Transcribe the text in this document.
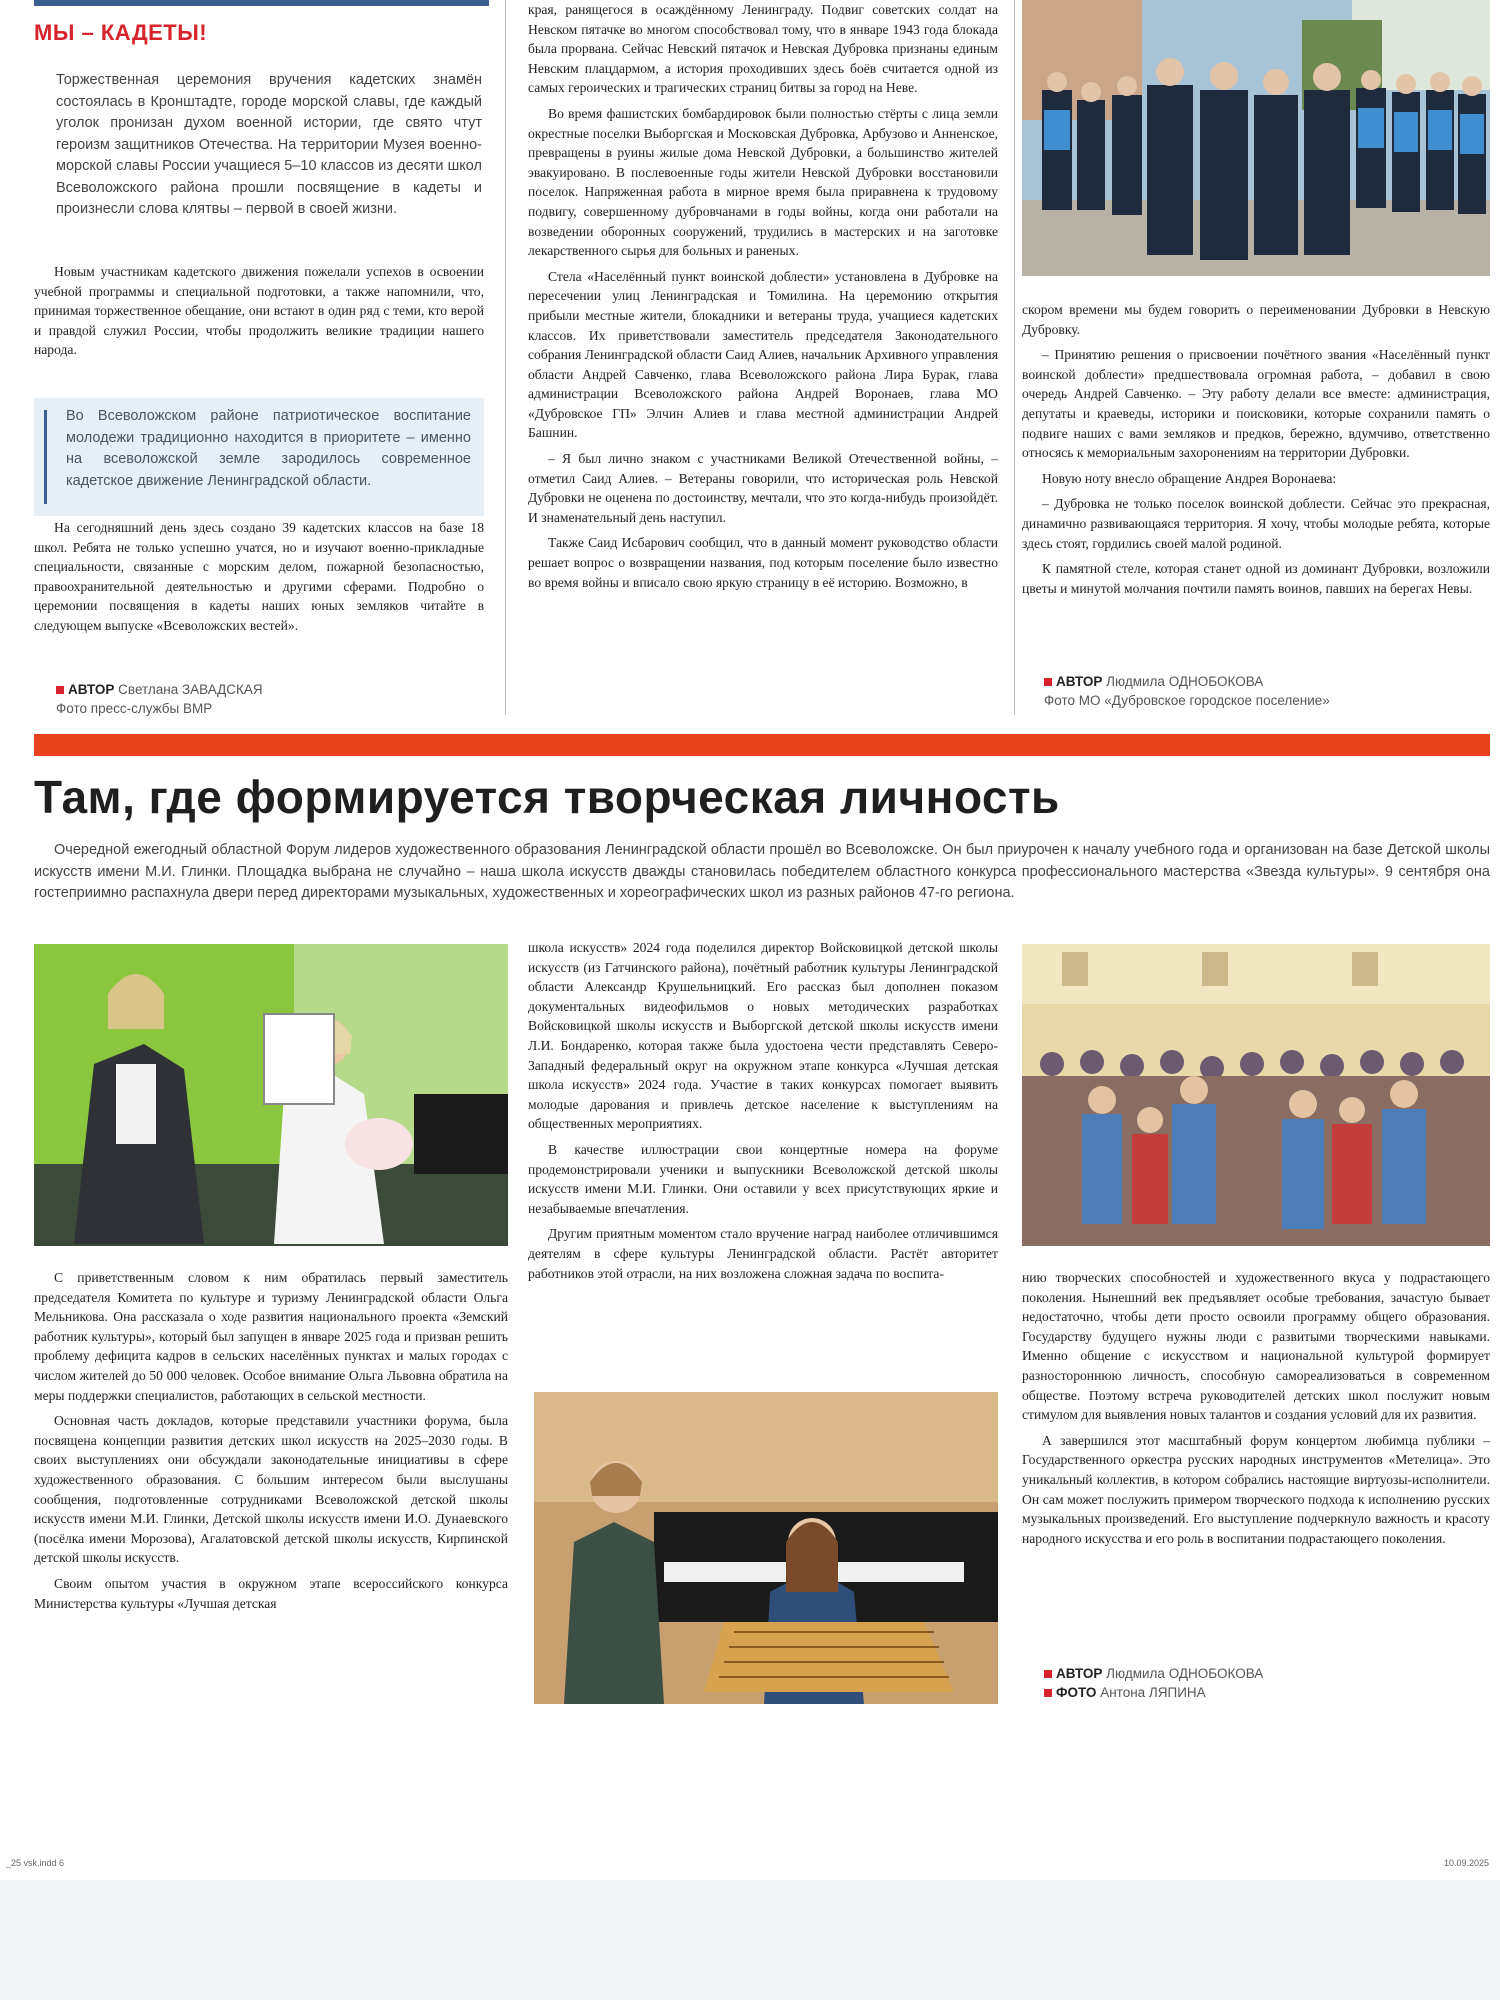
МЫ – КАДЕТЫ!
Торжественная церемония вручения кадетских знамён состоялась в Кронштадте, городе морской славы, где каждый уголок пронизан духом военной истории, где свято чтут героизм защитников Отечества. На территории Музея военно-морской славы России учащиеся 5–10 классов из десяти школ Всеволожского района прошли посвящение в кадеты и произнесли слова клятвы – первой в своей жизни.

Новым участникам кадетского движения пожелали успехов в освоении учебной программы и специальной подготовки, а также напомнили, что, принимая торжественное обещание, они встают в один ряд с теми, кто верой и правдой служил России, чтобы продолжить великие традиции нашего народа.

Во Всеволожском районе патриотическое воспитание молодежи традиционно находится в приоритете – именно на всеволожской земле зародилось современное кадетское движение Ленинградской области.

На сегодняшний день здесь создано 39 кадетских классов на базе 18 школ. Ребята не только успешно учатся, но и изучают военно-прикладные специальности, связанные с морским делом, пожарной безопасностью, правоохранительной деятельностью и другими сферами. Подробно о церемонии посвящения в кадеты наших юных земляков читайте в следующем выпуске «Всеволожских вестей».

АВТОР Светлана ЗАВАДСКАЯ
Фото пресс-службы ВМР

края, ранящегося в осаждённому Ленинграду. Подвиг советских солдат на Невском пятачке во многом способствовал тому, что в январе 1943 года блокада была прорвана. Сейчас Невский пятачок и Невская Дубровка признаны единым Невским плацдармом, а история проходивших здесь боёв считается одной из самых героических и трагических страниц битвы за город на Неве.

Во время фашистских бомбардировок были полностью стёрты с лица земли окрестные поселки Выборгская и Московская Дубровка, Арбузово и Анненское, превращены в руины жилые дома Невской Дубровки, а большинство жителей эвакуировано. В послевоенные годы жители Невской Дубровки восстановили поселок. Напряженная работа в мирное время была приравнена к трудовому подвигу, совершенному дубровчанами в годы войны, когда они работали на возведении оборонных сооружений, трудились в мастерских и на заготовке лекарственного сырья для больных и раненых.

Стела «Населённый пункт воинской доблести» установлена в Дубровке на пересечении улиц Ленинградская и Томилина. На церемонию открытия прибыли местные жители, блокадники и ветераны труда, учащиеся кадетских классов. Их приветствовали заместитель председателя Законодательного собрания Ленинградской области Саид Алиев, начальник Архивного управления области Андрей Савченко, глава Всеволожского района Лира Бурак, глава администрации Всеволожского района Андрей Воронаев, глава МО «Дубровское ГП» Элчин Алиев и глава местной администрации Андрей Башнин.

– Я был лично знаком с участниками Великой Отечественной войны, – отметил Саид Алиев. – Ветераны говорили, что историческая роль Невской Дубровки не оценена по достоинству, мечтали, что это когда-нибудь произойдёт. И знаменательный день наступил.

Также Саид Исбарович сообщил, что в данный момент руководство области решает вопрос о возвращении названия, под которым поселение было известно во время войны и вписало свою яркую страницу в её историю. Возможно, в

скором времени мы будем говорить о переименовании Дубровки в Невскую Дубровку.

– Принятию решения о присвоении почётного звания «Населённый пункт воинской доблести» предшествовала огромная работа, – добавил в свою очередь Андрей Савченко. – Эту работу делали все вместе: администрация, депутаты и краеведы, историки и поисковики, которые сохранили память о подвиге наших с вами земляков и предков, бережно, вдумчиво, ответственно относясь к мемориальным захоронениям на территории Дубровки.

Новую ноту внесло обращение Андрея Воронаева:

– Дубровка не только поселок воинской доблести. Сейчас это прекрасная, динамично развивающаяся территория. Я хочу, чтобы молодые ребята, которые здесь стоят, гордились своей малой родиной.

К памятной стеле, которая станет одной из доминант Дубровки, возложили цветы и минутой молчания почтили память воинов, павших на берегах Невы.

АВТОР Людмила ОДНОБОКОВА
Фото МО «Дубровское городское поселение»
Там, где формируется творческая личность
Очередной ежегодный областной Форум лидеров художественного образования Ленинградской области прошёл во Всеволожске. Он был приурочен к началу учебного года и организован на базе Детской школы искусств имени М.И. Глинки. Площадка выбрана не случайно – наша школа искусств дважды становилась победителем областного конкурса профессионального мастерства «Звезда культуры». 9 сентября она гостеприимно распахнула двери перед директорами музыкальных, художественных и хореографических школ из разных районов 47-го региона.

С приветственным словом к ним обратилась первый заместитель председателя Комитета по культуре и туризму Ленинградской области Ольга Мельникова. Она рассказала о ходе развития национального проекта «Земский работник культуры», который был запущен в январе 2025 года и призван решить проблему дефицита кадров в сельских населённых пунктах и малых городах с числом жителей до 50 000 человек. Особое внимание Ольга Львовна обратила на меры поддержки специалистов, работающих в сельской местности.

Основная часть докладов, которые представили участники форума, была посвящена концепции развития детских школ искусств на 2025–2030 годы. В своих выступлениях они обсуждали законодательные инициативы в сфере художественного образования. С большим интересом были выслушаны сообщения, подготовленные сотрудниками Всеволожской детской школы искусств имени М.И. Глинки, Детской школы искусств имени И.О. Дунаевского (посёлка имени Морозова), Агалатовской детской школы искусств, Кирпинской детской школы искусств.

Своим опытом участия в окружном этапе всероссийского конкурса Министерства культуры «Лучшая детская

школа искусств» 2024 года поделился директор Войсковицкой детской школы искусств (из Гатчинского района), почётный работник культуры Ленинградской области Александр Крушельницкий. Его рассказ был дополнен показом документальных видеофильмов о новых методических разработках Войсковицкой школы искусств и Выборгской детской школы искусств имени Л.И. Бондаренко, которая также была удостоена чести представлять Северо-Западный федеральный округ на окружном этапе конкурса «Лучшая детская школа искусств» 2024 года. Участие в таких конкурсах помогает выявить молодые дарования и привлечь детское население к выступлениям на общественных мероприятиях.

В качестве иллюстрации свои концертные номера на форуме продемонстрировали ученики и выпускники Всеволожской детской школы искусств имени М.И. Глинки. Они оставили у всех присутствующих яркие и незабываемые впечатления.

Другим приятным моментом стало вручение наград наиболее отличившимся деятелям в сфере культуры Ленинградской области. Растёт авторитет работников этой отрасли, на них возложена сложная задача по воспита-	нию творческих способностей и художественного вкуса у подрастающего поколения. Нынешний век предъявляет особые требования, зачастую бывает недостаточно, чтобы дети просто освоили программу общего образования. Государству будущего нужны люди с развитыми творческими навыками. Именно общение с искусством и национальной культурой формирует разностороннюю личность, способную самореализоваться в современном обществе. Поэтому встреча руководителей детских школ послужит новым стимулом для выявления новых талантов и создания условий для их развития.

А завершился этот масштабный форум концертом любимца публики – Государственного оркестра русских народных инструментов «Метелица». Это уникальный коллектив, в котором собрались настоящие виртуозы-исполнители. Он сам может послужить примером творческого подхода к исполнению русских музыкальных произведений. Его выступление подчеркнуло важность и красоту народного искусства и его роль в воспитании подрастающего поколения.

АВТОР Людмила ОДНОБОКОВА
ФОТО Антона ЛЯПИНА
_25 vsk.indd 6	10.09.2025
